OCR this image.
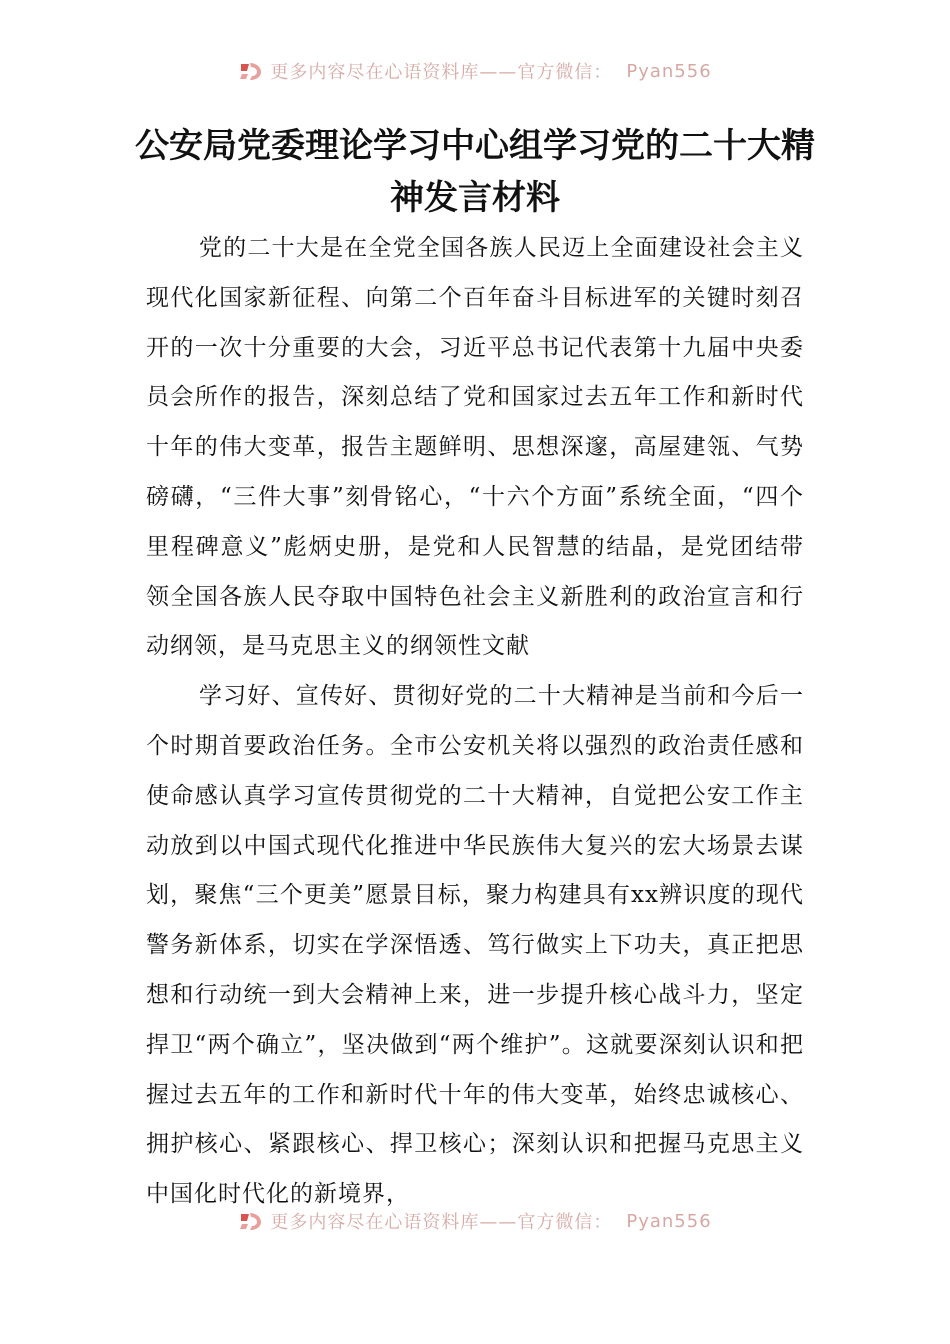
更多内容尽在心语资料库——官方微信： Pyan556
公安局党委理论学习中心组学习党的二十大精神发言材料

党的二十大是在全党全国各族人民迈上全面建设社会主义现代化国家新征程、向第二个百年奋斗目标进军的关键时刻召开的一次十分重要的大会，习近平总书记代表第十九届中央委员会所作的报告，深刻总结了党和国家过去五年工作和新时代十年的伟大变革，报告主题鲜明、思想深邃，高屋建瓴、气势磅礴，“三件大事”刻骨铭心，“十六个方面”系统全面，“四个里程碑意义”彪炳史册，是党和人民智慧的结晶，是党团结带领全国各族人民夺取中国特色社会主义新胜利的政治宣言和行动纲领，是马克思主义的纲领性文献

学习好、宣传好、贯彻好党的二十大精神是当前和今后一个时期首要政治任务。全市公安机关将以强烈的政治责任感和使命感认真学习宣传贯彻党的二十大精神，自觉把公安工作主动放到以中国式现代化推进中华民族伟大复兴的宏大场景去谋划，聚焦“三个更美”愿景目标，聚力构建具有xx辨识度的现代警务新体系，切实在学深悟透、笃行做实上下功夫，真正把思想和行动统一到大会精神上来，进一步提升核心战斗力，坚定捍卫“两个确立”，坚决做到“两个维护”。这就要深刻认识和把握过去五年的工作和新时代十年的伟大变革，始终忠诚核心、拥护核心、紧跟核心、捍卫核心；深刻认识和把握马克思主义中国化时代化的新境界，

更多内容尽在心语资料库——官方微信： Pyan556
